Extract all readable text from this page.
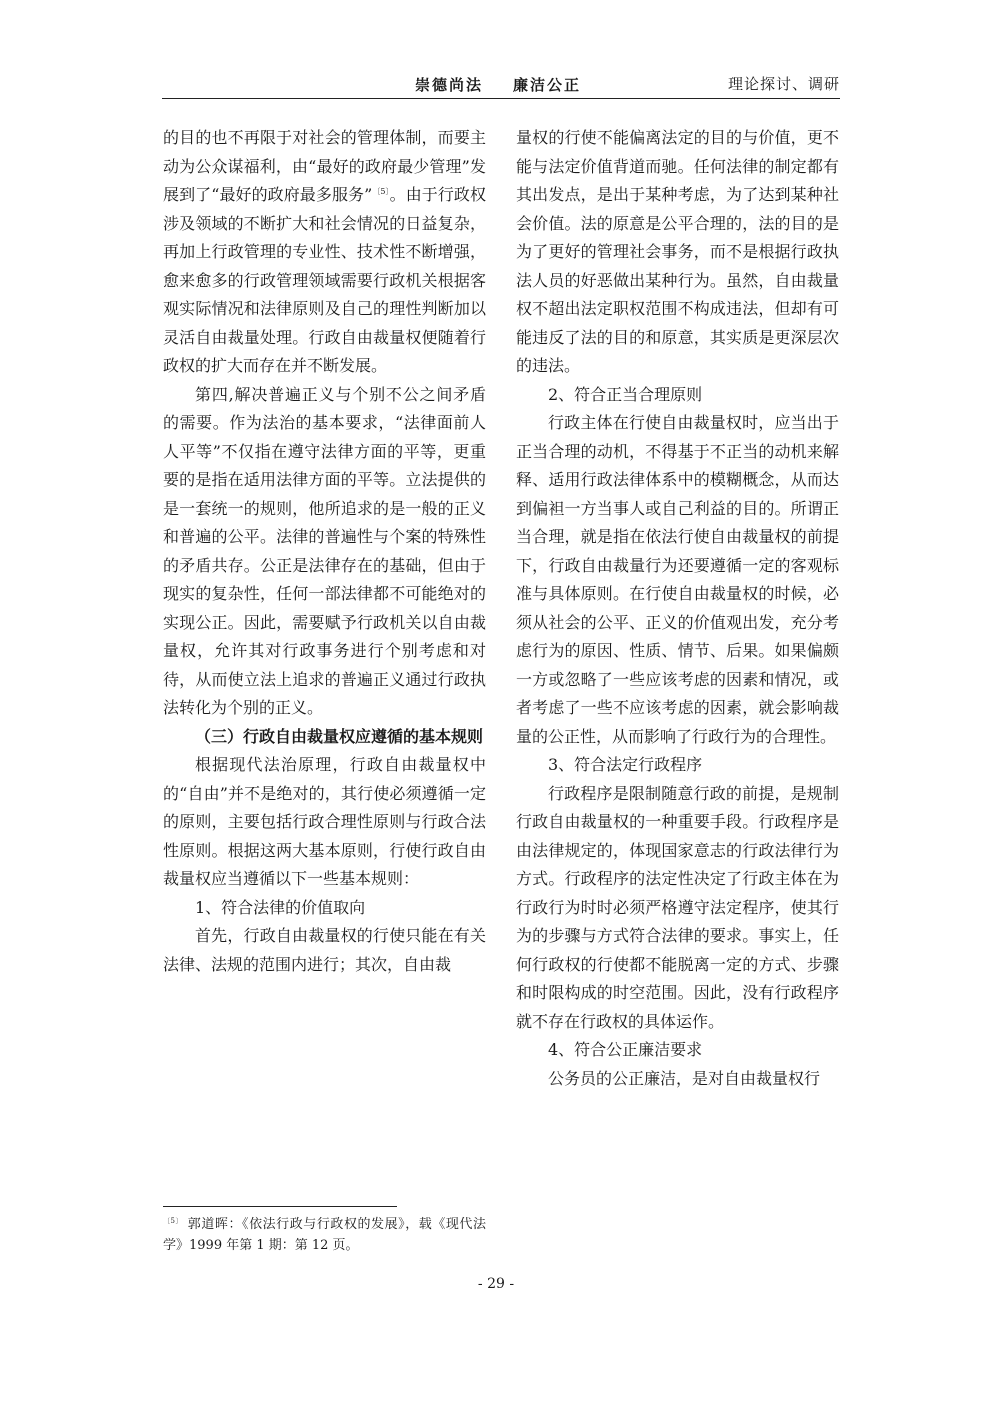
崇德尚法 廉洁公正	理论探讨、调研

的目的也不再限于对社会的管理体制，而要主动为公众谋福利，由“最好的政府最少管理”发展到了“最好的政府最多服务”$^{〔5〕}$。由于行政权涉及领域的不断扩大和社会情况的日益复杂，再加上行政管理的专业性、技术性不断增强，愈来愈多的行政管理领域需要行政机关根据客观实际情况和法律原则及自己的理性判断加以灵活自由裁量处理。行政自由裁量权便随着行政权的扩大而存在并不断发展。

第四,解决普遍正义与个别不公之间矛盾的需要。作为法治的基本要求，“法律面前人人平等”不仅指在遵守法律方面的平等，更重要的是指在适用法律方面的平等。立法提供的是一套统一的规则，他所追求的是一般的正义和普遍的公平。法律的普遍性与个案的特殊性的矛盾共存。公正是法律存在的基础，但由于现实的复杂性，任何一部法律都不可能绝对的实现公正。因此，需要赋予行政机关以自由裁量权，允许其对行政事务进行个别考虑和对待，从而使立法上追求的普遍正义通过行政执法转化为个别的正义。

（三）行政自由裁量权应遵循的基本规则

根据现代法治原理，行政自由裁量权中的“自由”并不是绝对的，其行使必须遵循一定的原则，主要包括行政合理性原则与行政合法性原则。根据这两大基本原则，行使行政自由裁量权应当遵循以下一些基本规则：

1、符合法律的价值取向

首先，行政自由裁量权的行使只能在有关法律、法规的范围内进行；其次，自由裁

量权的行使不能偏离法定的目的与价值，更不能与法定价值背道而驰。任何法律的制定都有其出发点，是出于某种考虑，为了达到某种社会价值。法的原意是公平合理的，法的目的是为了更好的管理社会事务，而不是根据行政执法人员的好恶做出某种行为。虽然，自由裁量权不超出法定职权范围不构成违法，但却有可能违反了法的目的和原意，其实质是更深层次的违法。

2、符合正当合理原则

行政主体在行使自由裁量权时，应当出于正当合理的动机，不得基于不正当的动机来解释、适用行政法律体系中的模糊概念，从而达到偏袒一方当事人或自己利益的目的。所谓正当合理，就是指在依法行使自由裁量权的前提下，行政自由裁量行为还要遵循一定的客观标准与具体原则。在行使自由裁量权的时候，必须从社会的公平、正义的价值观出发，充分考虑行为的原因、性质、情节、后果。如果偏颇一方或忽略了一些应该考虑的因素和情况，或者考虑了一些不应该考虑的因素，就会影响裁量的公正性，从而影响了行政行为的合理性。

3、符合法定行政程序

行政程序是限制随意行政的前提，是规制行政自由裁量权的一种重要手段。行政程序是由法律规定的，体现国家意志的行政法律行为方式。行政程序的法定性决定了行政主体在为行政行为时时必须严格遵守法定程序，使其行为的步骤与方式符合法律的要求。事实上，任何行政权的行使都不能脱离一定的方式、步骤和时限构成的时空范围。因此，没有行政程序就不存在行政权的具体运作。

4、符合公正廉洁要求

公务员的公正廉洁，是对自由裁量权行

$^{〔5〕}$ 郭道晖：《依法行政与行政权的发展》，载《现代法学》1999 年第 1 期：第 12 页。
- 29 -
